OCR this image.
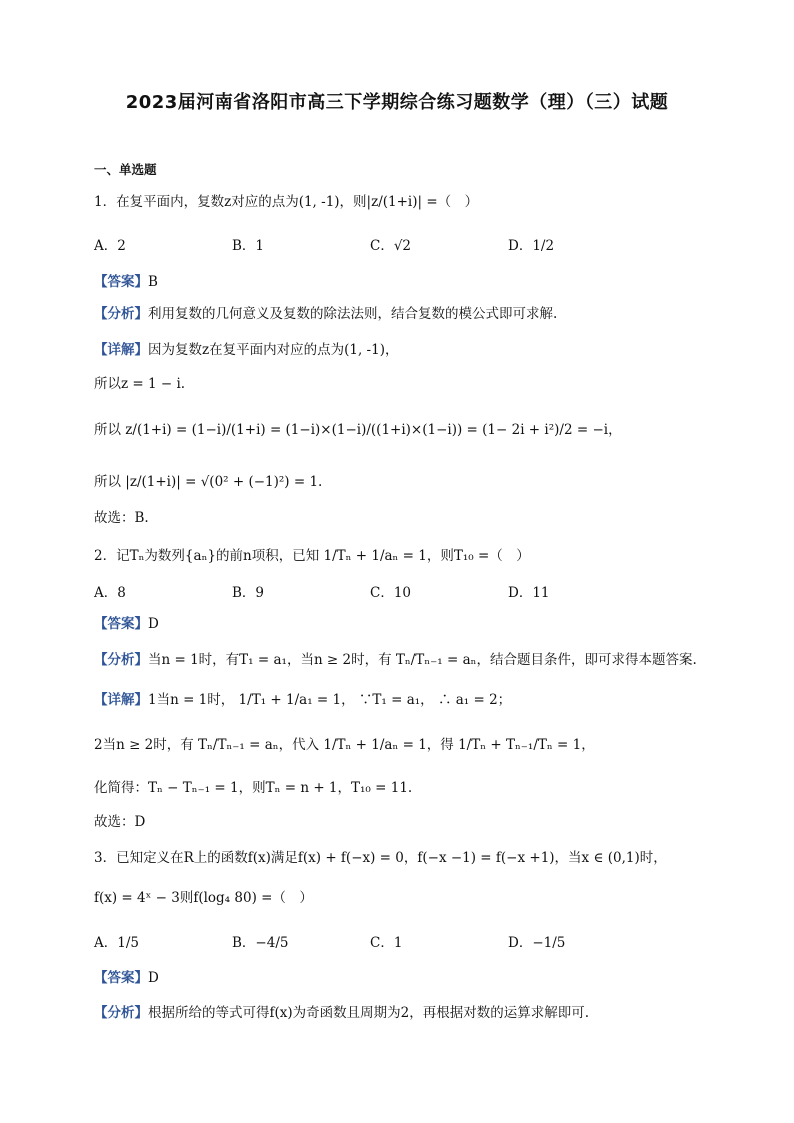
2023届河南省洛阳市高三下学期综合练习题数学（理）（三）试题
一、单选题
1．在复平面内，复数z对应的点为(1, -1)，则|z/(1+i)| =（　）
A．2	B．1	C．√2	D．1/2
【答案】B
【分析】利用复数的几何意义及复数的除法法则，结合复数的模公式即可求解.
【详解】因为复数z在复平面内对应的点为(1, -1)，
所以z = 1 − i.
所以 z/(1+i) = (1−i)/(1+i) = (1−i)×(1−i)/((1+i)×(1−i)) = (1− 2i + i²)/2 = −i，
所以 |z/(1+i)| = √(0² + (−1)²) = 1.
故选：B.
2．记Tₙ为数列{aₙ}的前n项积，已知 1/Tₙ + 1/aₙ = 1，则T₁₀ =（　）
A．8	B．9	C．10	D．11
【答案】D
【分析】当n = 1时，有T₁ = a₁，当n ≥ 2时，有 Tₙ/Tₙ₋₁ = aₙ，结合题目条件，即可求得本题答案.
【详解】1当n = 1时， 1/T₁ + 1/a₁ = 1， ∵T₁ = a₁， ∴ a₁ = 2；
2当n ≥ 2时，有 Tₙ/Tₙ₋₁ = aₙ，代入 1/Tₙ + 1/aₙ = 1，得 1/Tₙ + Tₙ₋₁/Tₙ = 1，
化简得：Tₙ − Tₙ₋₁ = 1，则Tₙ = n + 1，T₁₀ = 11.
故选：D
3．已知定义在R上的函数f(x)满足f(x) + f(−x) = 0，f(−x −1) = f(−x +1)，当x ∈ (0,1)时，
f(x) = 4ˣ − 3则f(log₄ 80) =（　）
A．1/5	B．−4/5	C．1	D．−1/5
【答案】D
【分析】根据所给的等式可得f(x)为奇函数且周期为2，再根据对数的运算求解即可.
